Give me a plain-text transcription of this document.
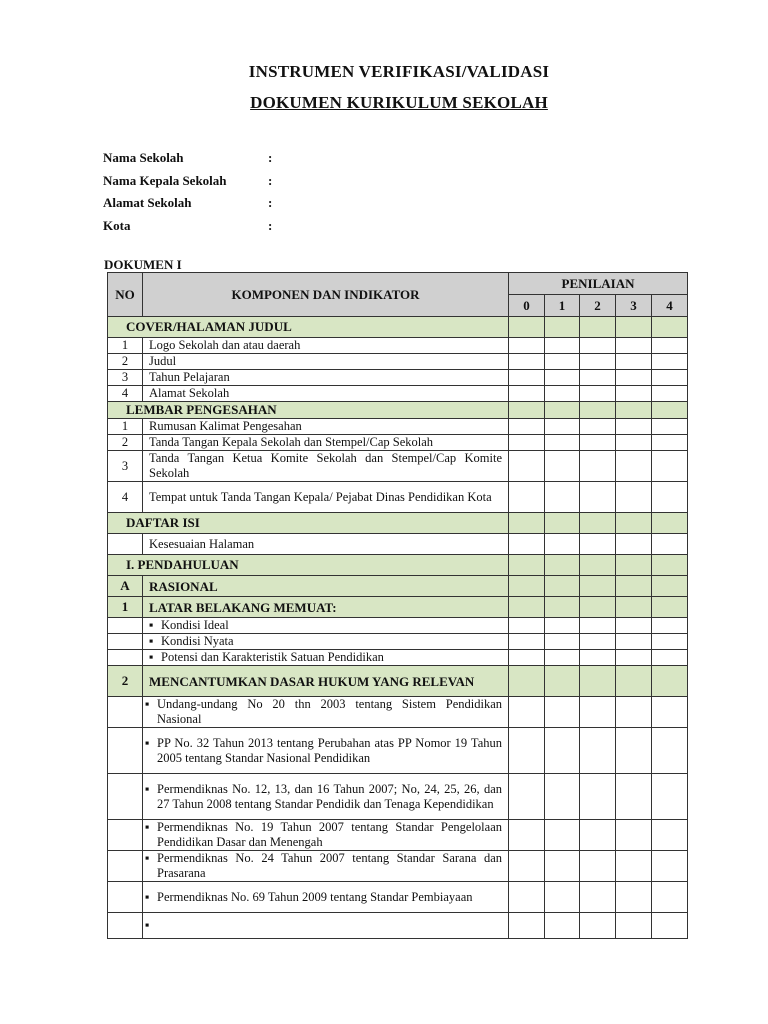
INSTRUMEN VERIFIKASI/VALIDASI
DOKUMEN KURIKULUM SEKOLAH
Nama Sekolah	:
Nama Kepala Sekolah	:
Alamat Sekolah	:
Kota	:
DOKUMEN I
NO	KOMPONEN DAN INDIKATOR	PENILAIAN				
		0	1	2	3	4
COVER/HALAMAN JUDUL						
1	Logo Sekolah dan atau daerah					
2	Judul					
3	Tahun Pelajaran					
4	Alamat Sekolah					
LEMBAR PENGESAHAN						
1	Rumusan Kalimat Pengesahan					
2	Tanda Tangan Kepala Sekolah dan Stempel/Cap Sekolah					
3	Tanda Tangan Ketua Komite Sekolah dan Stempel/Cap Komite Sekolah					
4	Tempat untuk Tanda Tangan Kepala/ Pejabat Dinas Pendidikan Kota					
DAFTAR ISI						
	Kesesuaian Halaman					
I. PENDAHULUAN						
A	RASIONAL					
1	LATAR BELAKANG MEMUAT:					

	▪ Kondisi Ideal					

	▪ Kondisi Nyata					

	▪ Potensi dan Karakteristik Satuan Pendidikan					

2	MENCANTUMKAN DASAR HUKUM YANG RELEVAN					

	▪ Undang-undang No 20 thn 2003 tentang Sistem Pendidikan Nasional					

	▪ PP No. 32 Tahun 2013 tentang Perubahan atas PP Nomor 19 Tahun 2005 tentang Standar Nasional Pendidikan					

	▪ Permendiknas No. 12, 13, dan 16 Tahun 2007; No, 24, 25, 26, dan 27 Tahun 2008 tentang Standar Pendidik dan Tenaga Kependidikan					

	▪ Permendiknas No. 19 Tahun 2007 tentang Standar Pengelolaan Pendidikan Dasar dan Menengah					

	▪ Permendiknas No. 24 Tahun 2007 tentang Standar Sarana dan Prasarana					

	▪ Permendiknas No. 69 Tahun 2009 tentang Standar Pembiayaan					

	▪					
